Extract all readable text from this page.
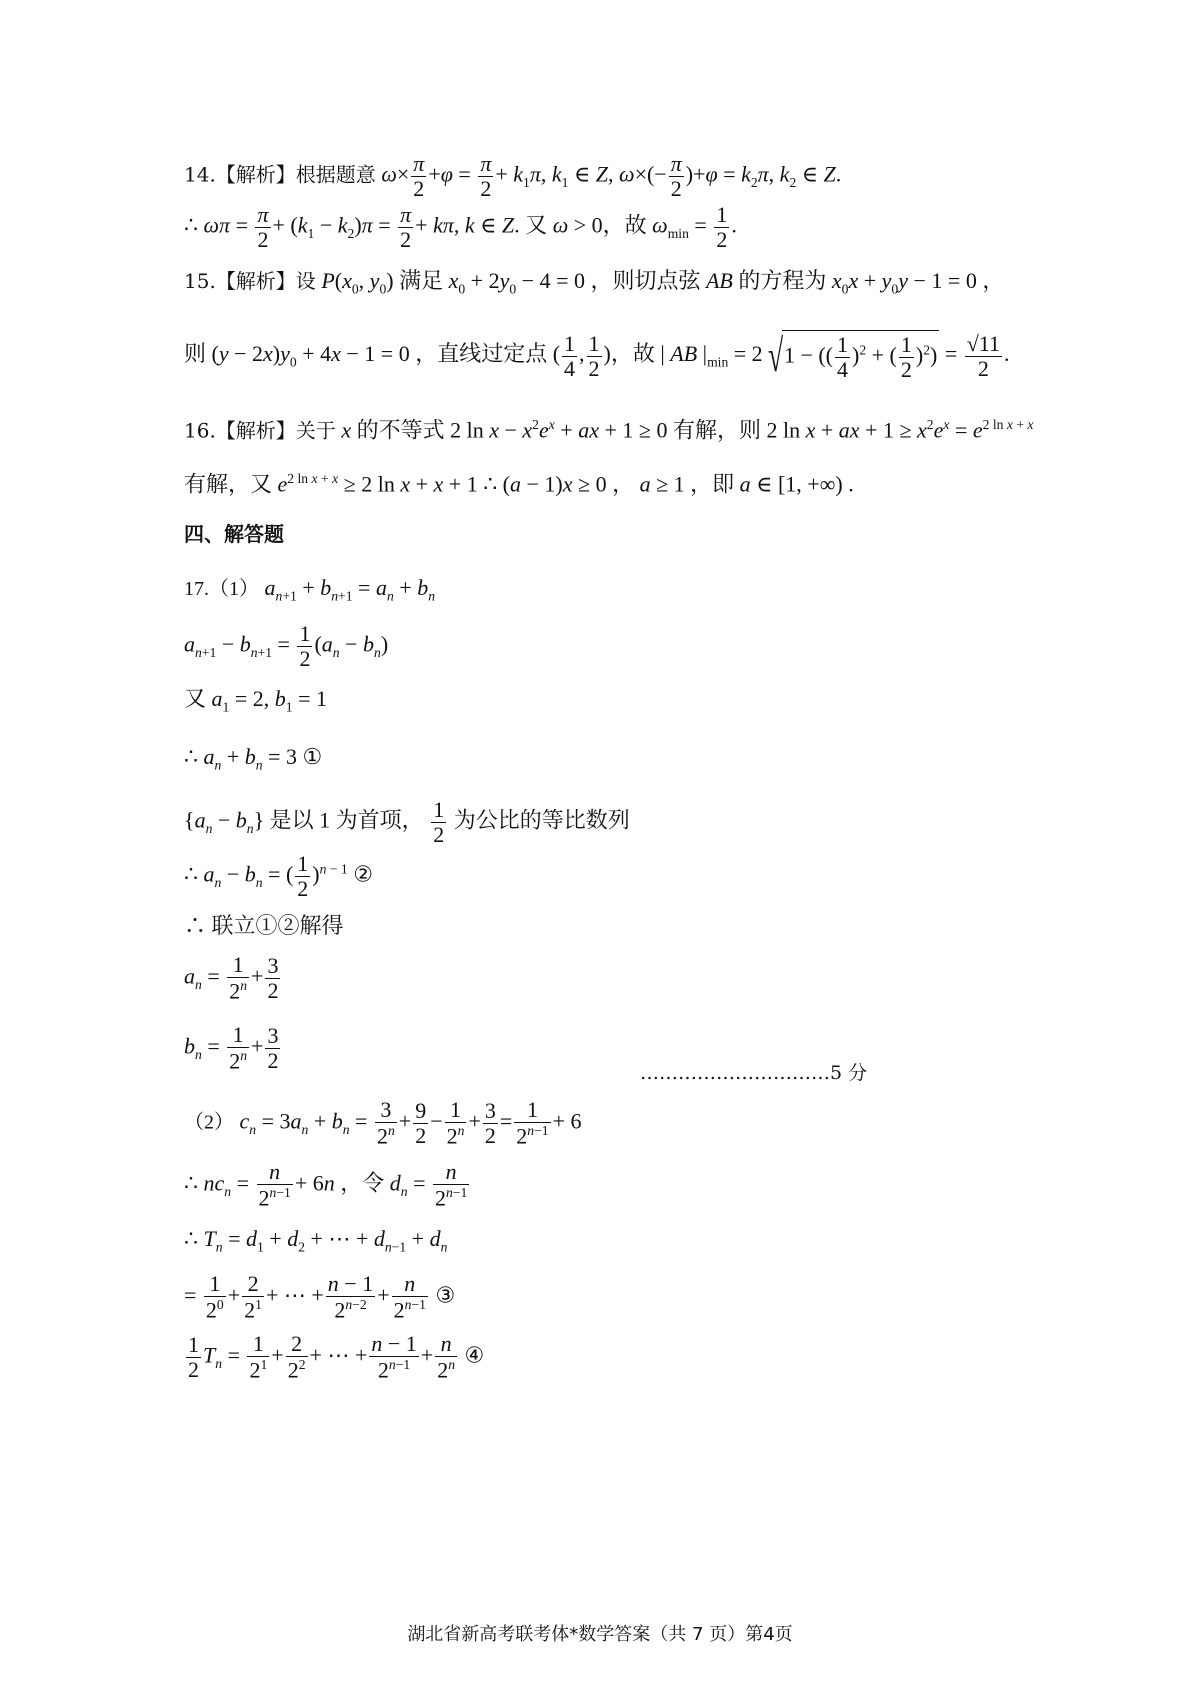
14.【解析】根据题意 $\omega\times \frac{\pi}{2} +\varphi = \frac{\pi}{2} + k_1\pi$, $k_1$ ∈ Z, $\omega\times(- \frac{\pi}{2} )+\varphi = k_2\pi$, $k_2$ ∈ Z.
∴ $\omega\pi = \frac{\pi}{2} + (k_1 - k_2)\pi = \frac{\pi}{2} + k\pi$, k ∈ Z. 又 ω > 0，故 $\omega_{min} = \frac{1}{2}$ .
15.【解析】设 $P(x_0$, $y_0$) 满足 $x_0 + 2y_0 - 4 = 0$ ，则切点弦 AB 的方程为 $x_0x + y_0y - 1 = 0$ ，
则 $(y - 2x)y_0 + 4x - 1 = 0$ ，直线过定点 ( $\frac{1}{4}$ , $\frac{1}{2}$ )，故 | AB $|_{min} = 2$ √1 − (( $\frac{1}{4} )^2$ + ( $\frac{1}{2} )^2) = \frac{√11}{2}$ .
16.【解析】关于 x 的不等式 2 $\ln x - x^2e^x$ + ax + 1 ≥ 0 有解，则 2 ln x + ax + $1 \ge x^2e^x = e^{2 ln x + x}$
有解，又 $e^{2 ln x + x} \ge 2$ ln x + x + 1 ∴ (a − 1)x ≥ 0 ， a ≥ 1 ，即 a ∈ [1, +∞) .
四、解答题
17.（1） $a_{n+1} + b_{n+1} = a_n + b_n$
$a_{n+1} - b_{n+1} = \frac{1}{2} (a_n - b_n)$
又 $a_1 = 2$, $b_1 = 1$
∴ $a_n + b_n = 3$ ①
$\{a_n - b_n\}$ 是以 1 为首项， $\frac{1}{2}$ 为公比的等比数列
∴ $a_n - b_n$ = ( $\frac{1}{2} )^{n - 1}$ ②
∴ 联立①②解得
$a_n = \frac{1}{2^n} + \frac{3}{2}$
$b_n = \frac{1}{2^n} + \frac{3}{2}$	…………………………5 分
（2） $c_n = 3a_n + b_n = \frac{3}{2^n} + \frac{9}{2} - \frac{1}{2^n} + \frac{3}{2} = \frac{1}{2^{n-1}} + 6$
∴ $nc_n = \frac{n}{2^{n-1}} + 6n$ ，令 $d_n = \frac{n}{2^{n-1}}$
∴ $T_n = d_1 + d_2$ + ⋯ + $d_{n-1} + d_n$
= $\frac{1}{2^0} + \frac{2}{2^1}$ + ⋯ + $\frac{n - 1}{2^{n-2}} + \frac{n}{2^{n-1}}$ ③
$\frac{1}{2} T_n = \frac{1}{2^1} + \frac{2}{2^2}$ + ⋯ + $\frac{n - 1}{2^{n-1}} + \frac{n}{2^n}$ ④
湖北省新高考联考体*数学答案（共 7 页）第4页
